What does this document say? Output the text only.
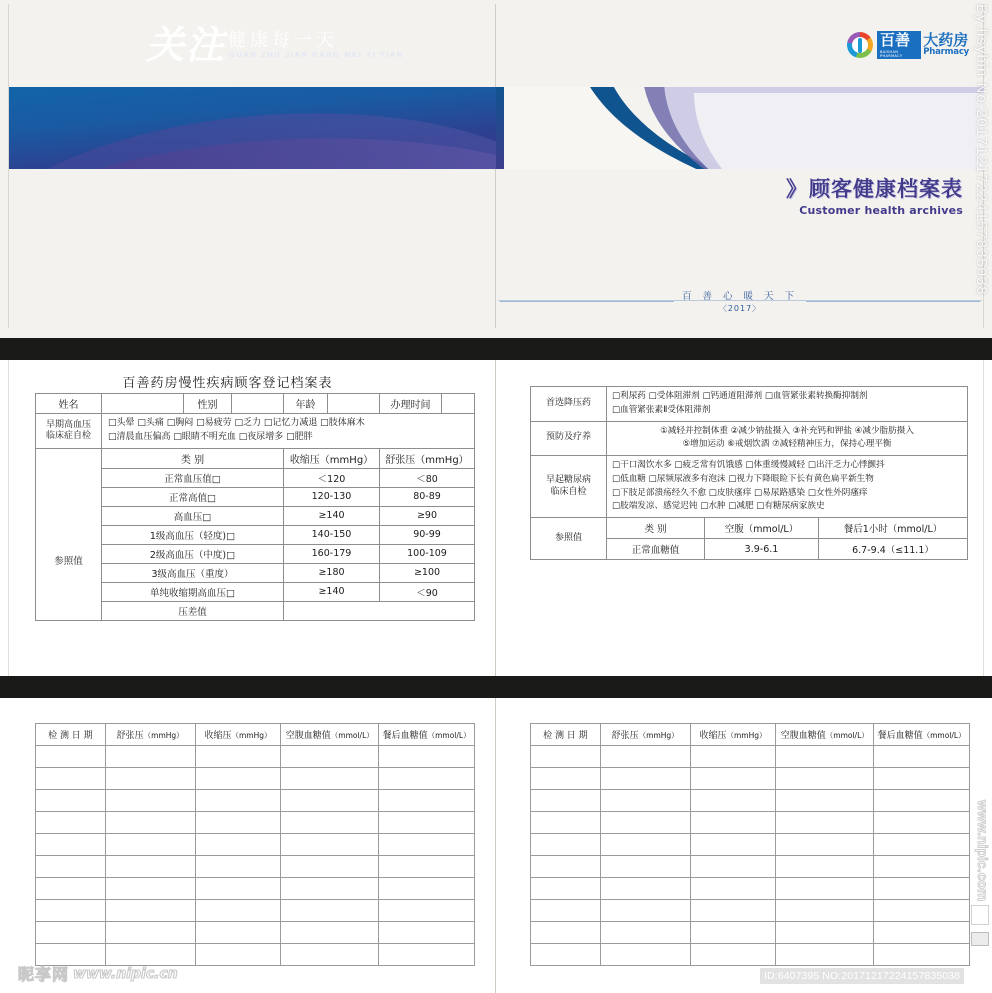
关注 健康每一天
GUAN ZHU JIAN KANG MEI YI TIAN
百善
BAISHAN PHARMACY
大药房
Pharmacy
》顾客健康档案表
Customer health archives
百 善 心 暖 天 下
〈2017〉
百善药房慢性疾病顾客登记档案表
姓名		性别		年龄		办理时间	

早期高血压
临床症自检

□头晕 □头痛 □胸闷 □易疲劳 □乏力 □记忆力减退 □肢体麻木
□清晨血压偏高 □眼睛不明充血 □夜尿增多 □肥胖

参照值	类 别			收缩压（mmHg）		舒张压（mmHg）	
	正常血压值□			＜120		＜80	
	正常高值□			120-130		80-89	
	高血压□			≥140		≥90	
	1级高血压（轻度)□			140-150		90-99	
	2级高血压（中度)□			160-179		100-109	
	3级高血压（重度）			≥180		≥100	
	单纯收缩期高血压□			≥140		＜90	
	压差值						
首选降压药	□利尿药 □受体阻滞剂 □钙通道阻滞剂 □血管紧张素转换酶抑制剂
□血管紧张素Ⅱ受体阻滞剂		

预防及疗养	①减轻并控制体重 ②减少钠盐摄入 ③补充钙和钾盐 ④减少脂肪摄入
⑤增加运动 ⑥戒烟饮酒 ⑦减轻精神压力，保持心理平衡		

早起糖尿病
临床自检

□干口渴饮水多 □疲乏常有饥饿感 □体重缓慢减轻 □出汗乏力心悸颤抖
□低血糖 □尿频尿液多有泡沫 □视力下降眼睑下长有黄色扁平新生物
□下肢足部溃疡经久不愈 □皮肤瘙痒 □易尿路感染 □女性外阴瘙痒
□肢端发凉、感觉迟钝 □水肿 □减肥 □有糖尿病家族史

参照值	类 别	空腹（mmol/L）	餐后1小时（mmol/L）
	正常血糖值	3.9-6.1	6.7-9.4（≤11.1）
检 测 日 期	舒张压（mmHg）	收缩压（mmHg）	空腹血糖值（mmol/L）	餐后血糖值（mmol/L）

					检 测 日 期	舒张压（mmHg）	收缩压（mmHg）	空腹血糖值（mmol/L）	餐后血糖值（mmol/L）

By:lisybin No:20171217224157835038
www.nipic.com
昵享网 www.nipic.cn	ID:6407395 NO:20171217224157835038
